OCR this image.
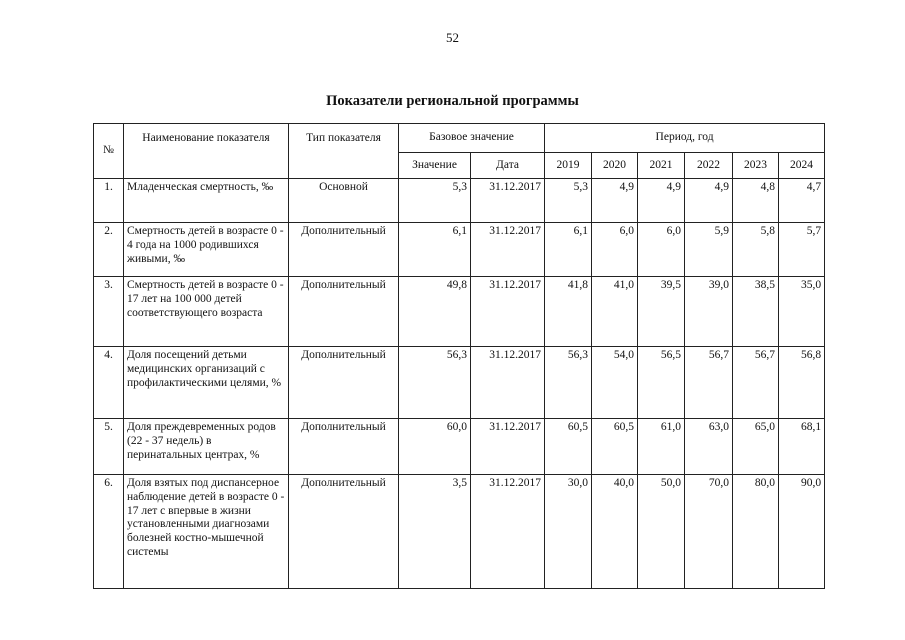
52
Показатели региональной программы
№	Наименование показателя	Тип показателя	Базовое значение		Период, год					
			Значение	Дата	2019	2020	2021	2022	2023	2024
1.	Младенческая смертность, ‰	Основной	5,3	31.12.2017	5,3	4,9	4,9	4,9	4,8	4,7
2.	Смертность детей в возрасте 0 - 4 года на 1000 родившихся живыми, ‰	Дополнительный	6,1	31.12.2017	6,1	6,0	6,0	5,9	5,8	5,7
3.	Смертность детей в возрасте 0 - 17 лет на 100 000 детей соответствующего возраста	Дополнительный	49,8	31.12.2017	41,8	41,0	39,5	39,0	38,5	35,0
4.	Доля посещений детьми медицинских организаций с профилактическими целями, %	Дополнительный	56,3	31.12.2017	56,3	54,0	56,5	56,7	56,7	56,8
5.	Доля преждевременных родов (22 - 37 недель) в перинатальных центрах, %	Дополнительный	60,0	31.12.2017	60,5	60,5	61,0	63,0	65,0	68,1
6.	Доля взятых под диспансерное наблюдение детей в возрасте 0 - 17 лет с впервые в жизни установленными диагнозами болезней костно-мышечной системы	Дополнительный	3,5	31.12.2017	30,0	40,0	50,0	70,0	80,0	90,0
